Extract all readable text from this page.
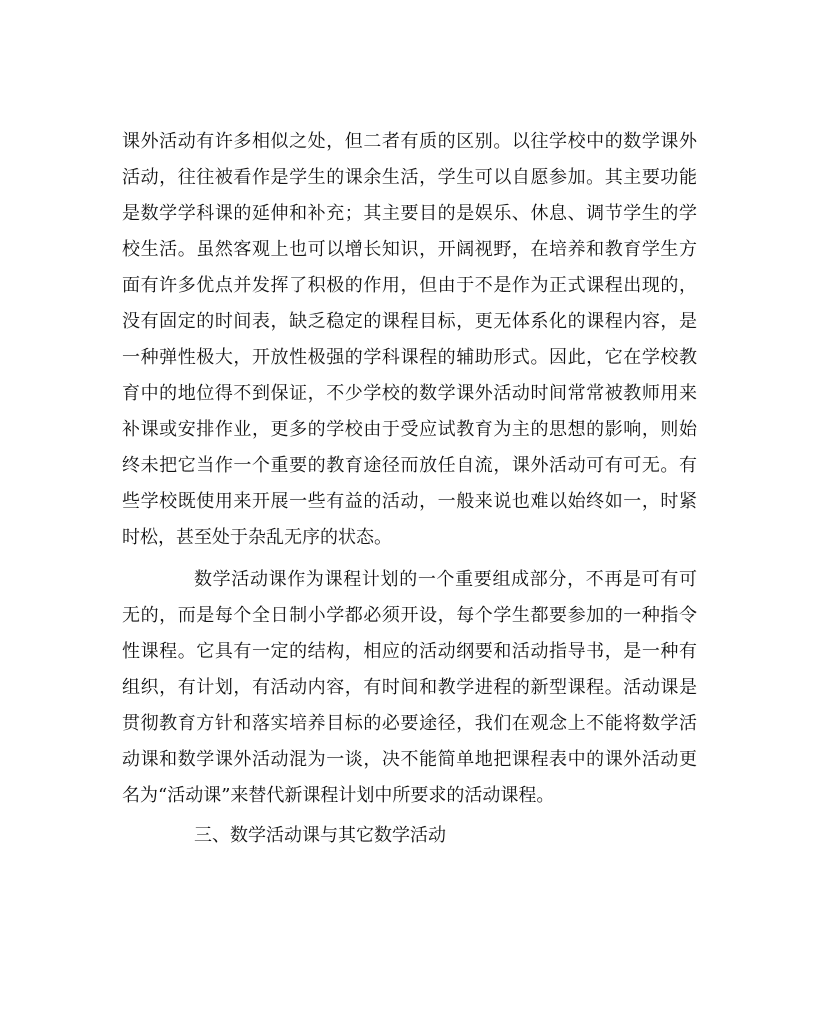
课外活动有许多相似之处，但二者有质的区别。以往学校中的数学课外
活动，往往被看作是学生的课余生活，学生可以自愿参加。其主要功能
是数学学科课的延伸和补充；其主要目的是娱乐、休息、调节学生的学
校生活。虽然客观上也可以增长知识，开阔视野，在培养和教育学生方
面有许多优点并发挥了积极的作用，但由于不是作为正式课程出现的，
没有固定的时间表，缺乏稳定的课程目标，更无体系化的课程内容，是
一种弹性极大，开放性极强的学科课程的辅助形式。因此，它在学校教
育中的地位得不到保证，不少学校的数学课外活动时间常常被教师用来
补课或安排作业，更多的学校由于受应试教育为主的思想的影响，则始
终未把它当作一个重要的教育途径而放任自流，课外活动可有可无。有
些学校既使用来开展一些有益的活动，一般来说也难以始终如一，时紧
时松，甚至处于杂乱无序的状态。

数学活动课作为课程计划的一个重要组成部分，不再是可有可
无的，而是每个全日制小学都必须开设，每个学生都要参加的一种指令
性课程。它具有一定的结构，相应的活动纲要和活动指导书，是一种有
组织，有计划，有活动内容，有时间和教学进程的新型课程。活动课是
贯彻教育方针和落实培养目标的必要途径，我们在观念上不能将数学活
动课和数学课外活动混为一谈，决不能简单地把课程表中的课外活动更
名为“活动课”来替代新课程计划中所要求的活动课程。

三、数学活动课与其它数学活动
